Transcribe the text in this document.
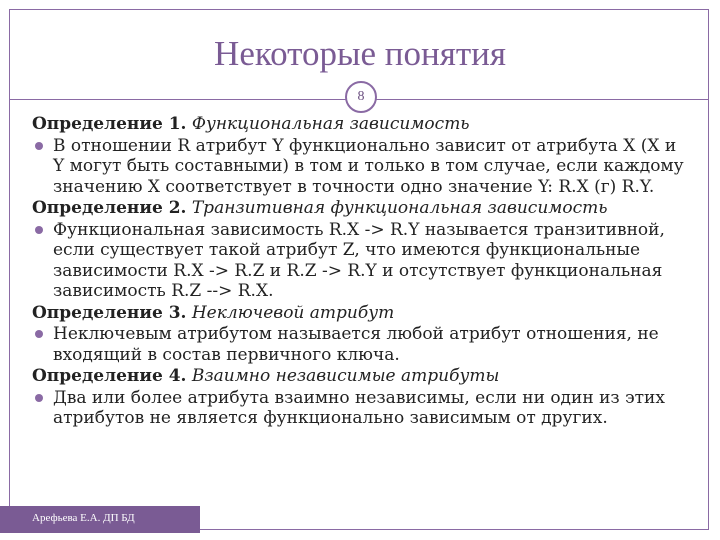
Некоторые понятия
8
Определение 1. Функциональная зависимость
В отношении R атрибут Y функционально зависит от атрибута X (X и Y могут быть составными) в том и только в том случае, если каждому значению X соответствует в точности одно значение Y: R.X (г) R.Y.
Определение 2. Транзитивная функциональная зависимость
Функциональная зависимость R.X -> R.Y называется транзитивной, если существует такой атрибут Z, что имеются функциональные зависимости R.X -> R.Z и R.Z -> R.Y и отсутствует функциональная зависимость R.Z --> R.X.
Определение 3. Неключевой атрибут
Неключевым атрибутом называется любой атрибут отношения, не входящий в состав первичного ключа.
Определение 4. Взаимно независимые атрибуты
Два или более атрибута взаимно независимы, если ни один из этих атрибутов не является функционально зависимым от других.
Арефьева Е.А. ДП БД
